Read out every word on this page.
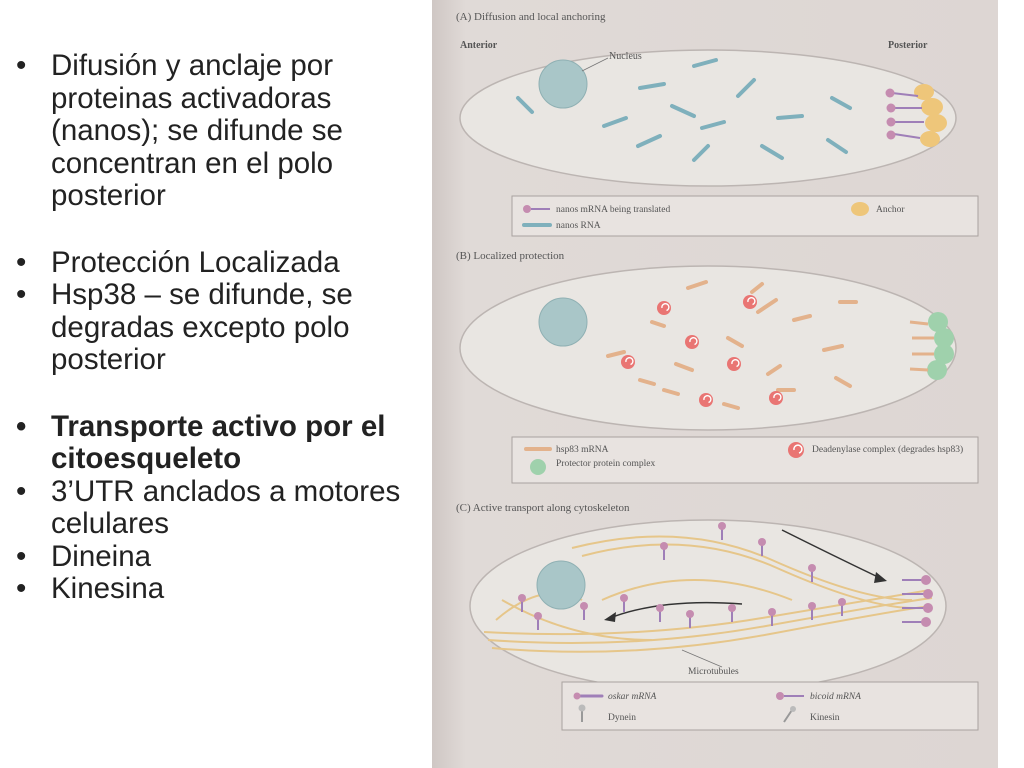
• Difusión y anclaje por proteinas activadoras (nanos); se difunde se concentran en el polo posterior
• Protección Localizada
• Hsp38 – se difunde, se degradas excepto polo posterior
• Transporte activo por el citoesqueleto
• 3’UTR anclados a motores celulares
• Dineina
• Kinesina
(A) Diffusion and local anchoring
Anterior	Posterior
Nucleus
nanos mRNA being translated
nanos RNA
Anchor
(B) Localized protection
hsp83 mRNA
Protector protein complex
Deadenylase complex (degrades hsp83)
(C) Active transport along cytoskeleton
Microtubules
oskar mRNA	bicoid mRNA
Dynein	Kinesin
